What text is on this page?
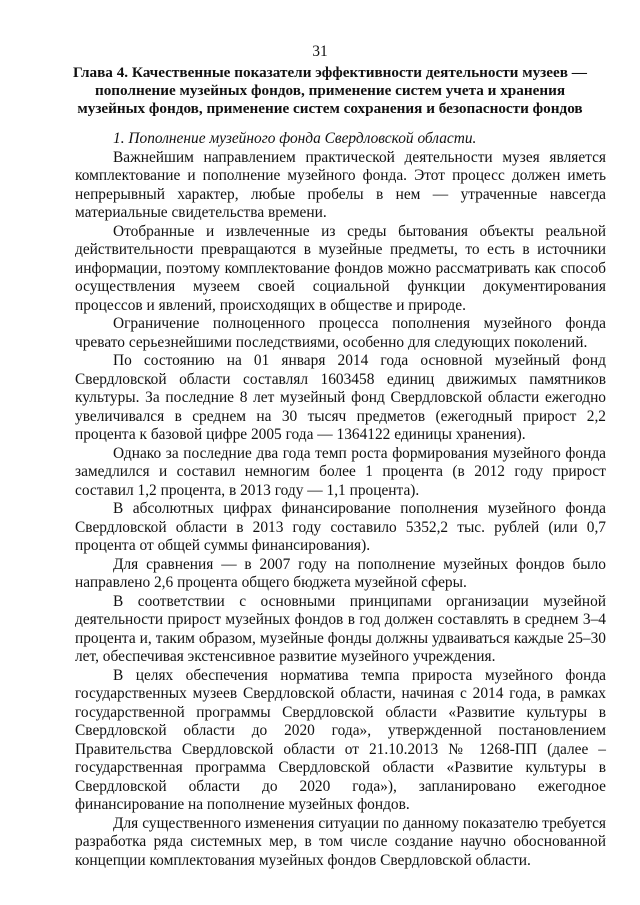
31
Глава 4. Качественные показатели эффективности деятельности музеев — пополнение музейных фондов, применение систем учета и хранения музейных фондов, применение систем сохранения и безопасности фондов

1. Пополнение музейного фонда Свердловской области.

Важнейшим направлением практической деятельности музея является комплектование и пополнение музейного фонда. Этот процесс должен иметь непрерывный характер, любые пробелы в нем — утраченные навсегда материальные свидетельства времени.

Отобранные и извлеченные из среды бытования объекты реальной действительности превращаются в музейные предметы, то есть в источники информации, поэтому комплектование фондов можно рассматривать как способ осуществления музеем своей социальной функции документирования процессов и явлений, происходящих в обществе и природе.

Ограничение полноценного процесса пополнения музейного фонда чревато серьезнейшими последствиями, особенно для следующих поколений.

По состоянию на 01 января 2014 года основной музейный фонд Свердловской области составлял 1603458 единиц движимых памятников культуры. За последние 8 лет музейный фонд Свердловской области ежегодно увеличивался в среднем на 30 тысяч предметов (ежегодный прирост 2,2 процента к базовой цифре 2005 года — 1364122 единицы хранения).

Однако за последние два года темп роста формирования музейного фонда замедлился и составил немногим более 1 процента (в 2012 году прирост составил 1,2 процента, в 2013 году — 1,1 процента).

В абсолютных цифрах финансирование пополнения музейного фонда Свердловской области в 2013 году составило 5352,2 тыс. рублей (или 0,7 процента от общей суммы финансирования).

Для сравнения — в 2007 году на пополнение музейных фондов было направлено 2,6 процента общего бюджета музейной сферы.

В соответствии с основными принципами организации музейной деятельности прирост музейных фондов в год должен составлять в среднем 3–4 процента и, таким образом, музейные фонды должны удваиваться каждые 25–30 лет, обеспечивая экстенсивное развитие музейного учреждения.

В целях обеспечения норматива темпа прироста музейного фонда государственных музеев Свердловской области, начиная с 2014 года, в рамках государственной программы Свердловской области «Развитие культуры в Свердловской области до 2020 года», утвержденной постановлением Правительства Свердловской области от 21.10.2013 № 1268-ПП (далее – государственная программа Свердловской области «Развитие культуры в Свердловской области до 2020 года»), запланировано ежегодное финансирование на пополнение музейных фондов.

Для существенного изменения ситуации по данному показателю требуется разработка ряда системных мер, в том числе создание научно обоснованной концепции комплектования музейных фондов Свердловской области.
